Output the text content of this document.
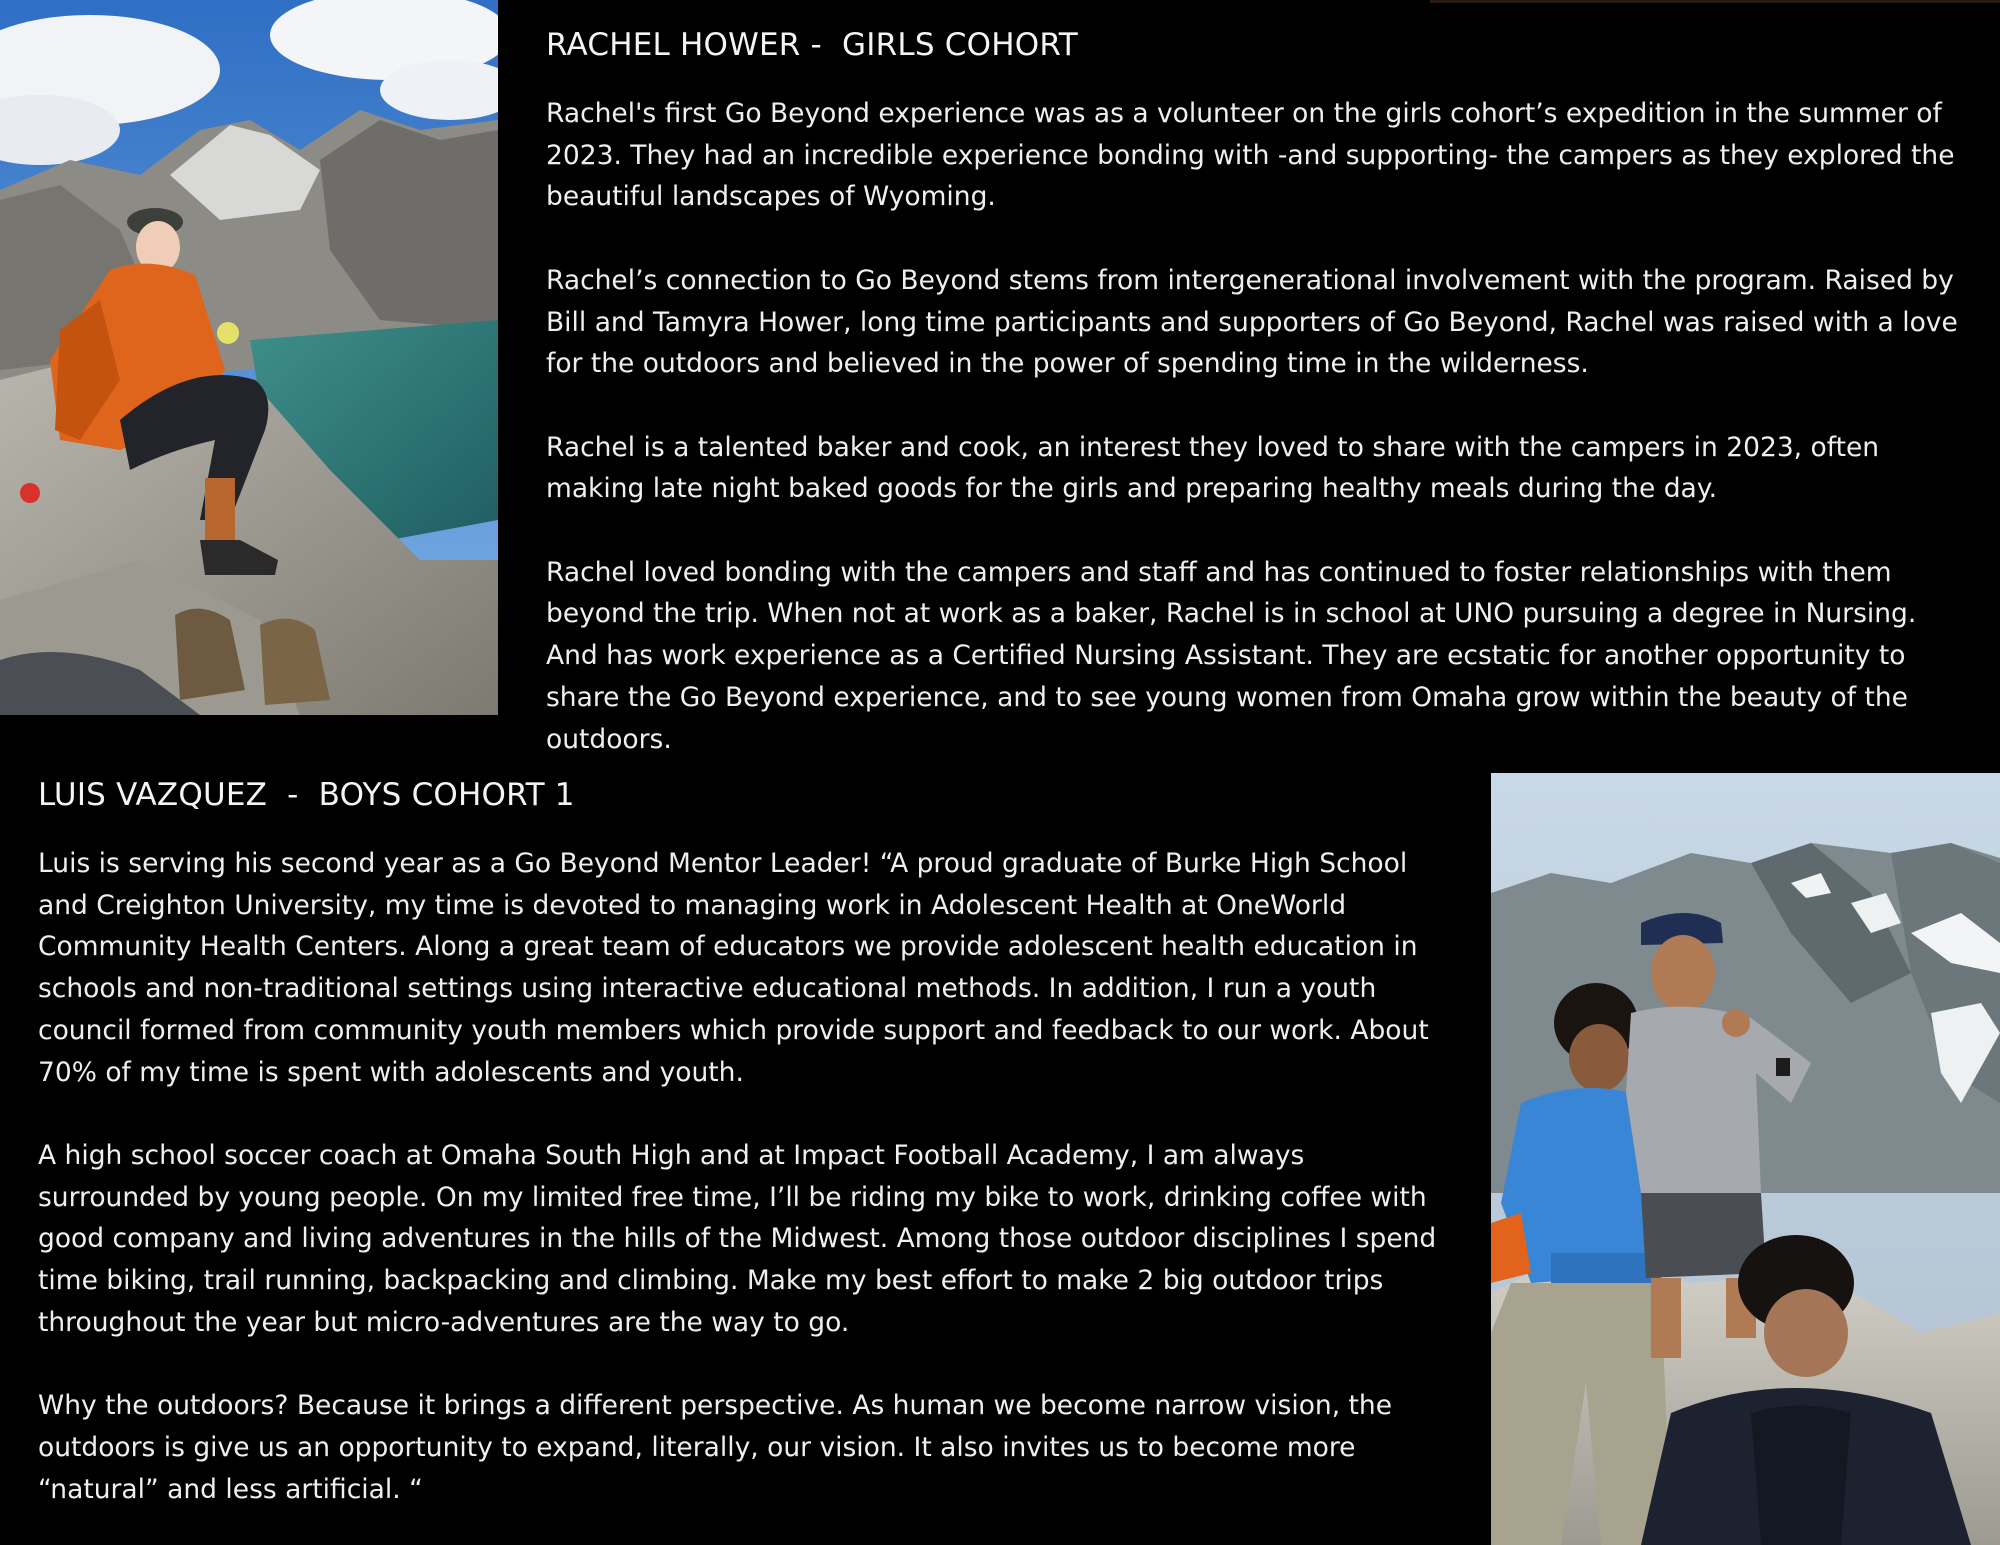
RACHEL HOWER -  GIRLS COHORT

Rachel's first Go Beyond experience was as a volunteer on the girls cohort’s expedition in the summer of 2023. They had an incredible experience bonding with -and supporting- the campers as they explored the beautiful landscapes of Wyoming.

Rachel’s connection to Go Beyond stems from intergenerational involvement with the program. Raised by Bill and Tamyra Hower, long time participants and supporters of Go Beyond, Rachel was raised with a love for the outdoors and believed in the power of spending time in the wilderness.

Rachel is a talented baker and cook, an interest they loved to share with the campers in 2023, often making late night baked goods for the girls and preparing healthy meals during the day.

Rachel loved bonding with the campers and staff and has continued to foster relationships with them beyond the trip. When not at work as a baker, Rachel is in school at UNO pursuing a degree in Nursing. And has work experience as a Certified Nursing Assistant. They are ecstatic for another opportunity to share the Go Beyond experience, and to see young women from Omaha grow within the beauty of the outdoors.

LUIS VAZQUEZ  -  BOYS COHORT 1

Luis is serving his second year as a Go Beyond Mentor Leader! “A proud graduate of Burke High School and Creighton University, my time is devoted to managing work in Adolescent Health at OneWorld Community Health Centers. Along a great team of educators we provide adolescent health education in schools and non-traditional settings using interactive educational methods. In addition, I run a youth council formed from community youth members which provide support and feedback to our work. About 70% of my time is spent with adolescents and youth.

A high school soccer coach at Omaha South High and at Impact Football Academy, I am always surrounded by young people. On my limited free time, I’ll be riding my bike to work, drinking coffee with good company and living adventures in the hills of the Midwest. Among those outdoor disciplines I spend time biking, trail running, backpacking and climbing. Make my best effort to make 2 big outdoor trips throughout the year but micro-adventures are the way to go.

Why the outdoors? Because it brings a different perspective. As human we become narrow vision, the outdoors is give us an opportunity to expand, literally, our vision. It also invites us to become more “natural” and less artificial. “
